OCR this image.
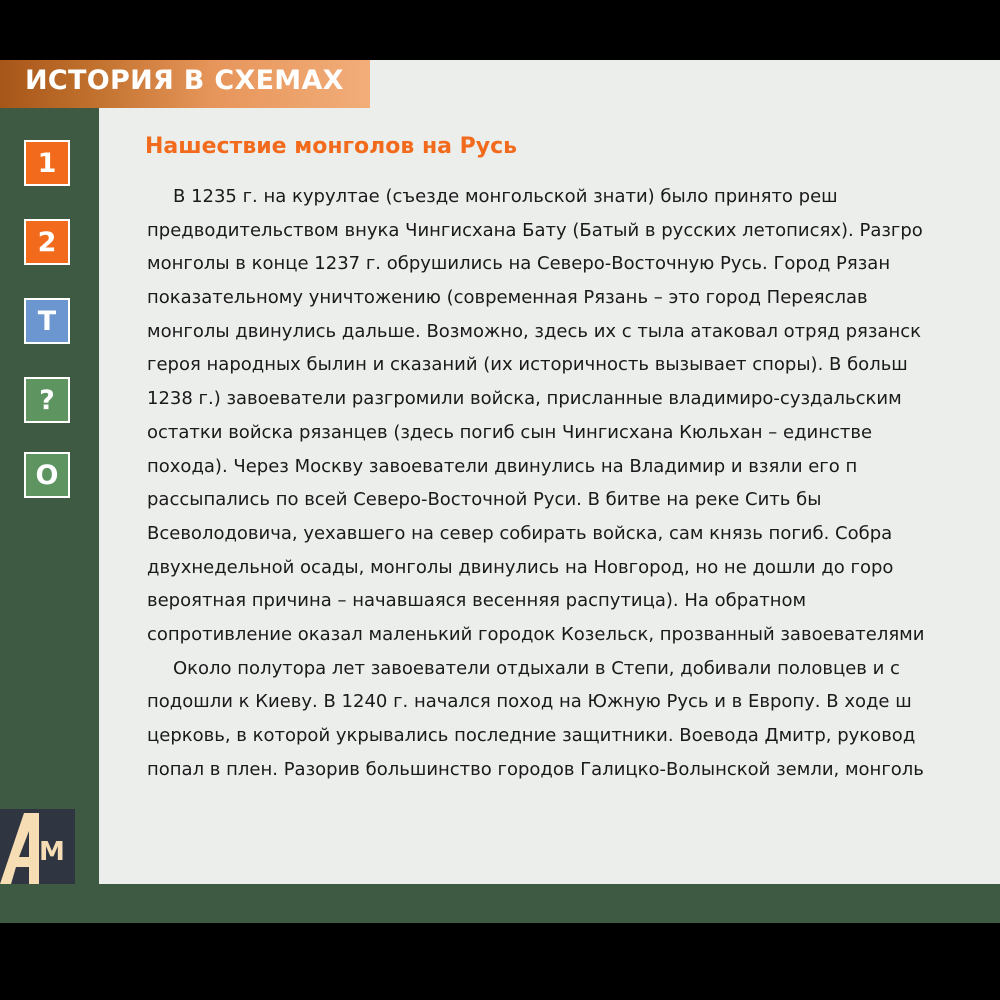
Нашествие монголов на Русь
В 1235 г. на курултае (съезде монгольской знати) было принято реш
предводительством внука Чингисхана Бату (Батый в русских летописях). Разгро
монголы в конце 1237 г. обрушились на Северо-Восточную Русь. Город Рязан
показательному уничтожению (современная Рязань – это город Переяслав
монголы двинулись дальше. Возможно, здесь их с тыла атаковал отряд рязанск
героя народных былин и сказаний (их историчность вызывает споры). В больш
1238 г.) завоеватели разгромили войска, присланные владимиро-суздальским
остатки войска рязанцев (здесь погиб сын Чингисхана Кюльхан – единстве
похода). Через Москву завоеватели двинулись на Владимир и взяли его п
рассыпались по всей Северо-Восточной Руси. В битве на реке Сить бы
Всеволодовича, уехавшего на север собирать войска, сам князь погиб. Собра
двухнедельной осады, монголы двинулись на Новгород, но не дошли до горо
вероятная причина – начавшаяся весенняя распутица). На обратном
сопротивление оказал маленький городок Козельск, прозванный завоевателями
Около полутора лет завоеватели отдыхали в Степи, добивали половцев и с
подошли к Киеву. В 1240 г. начался поход на Южную Русь и в Европу. В ходе ш
церковь, в которой укрывались последние защитники. Воевода Дмитр, руковод
попал в плен. Разорив большинство городов Галицко-Волынской земли, монголь
ИСТОРИЯ В СХЕМАХ
1
2
Т
?
О
М
